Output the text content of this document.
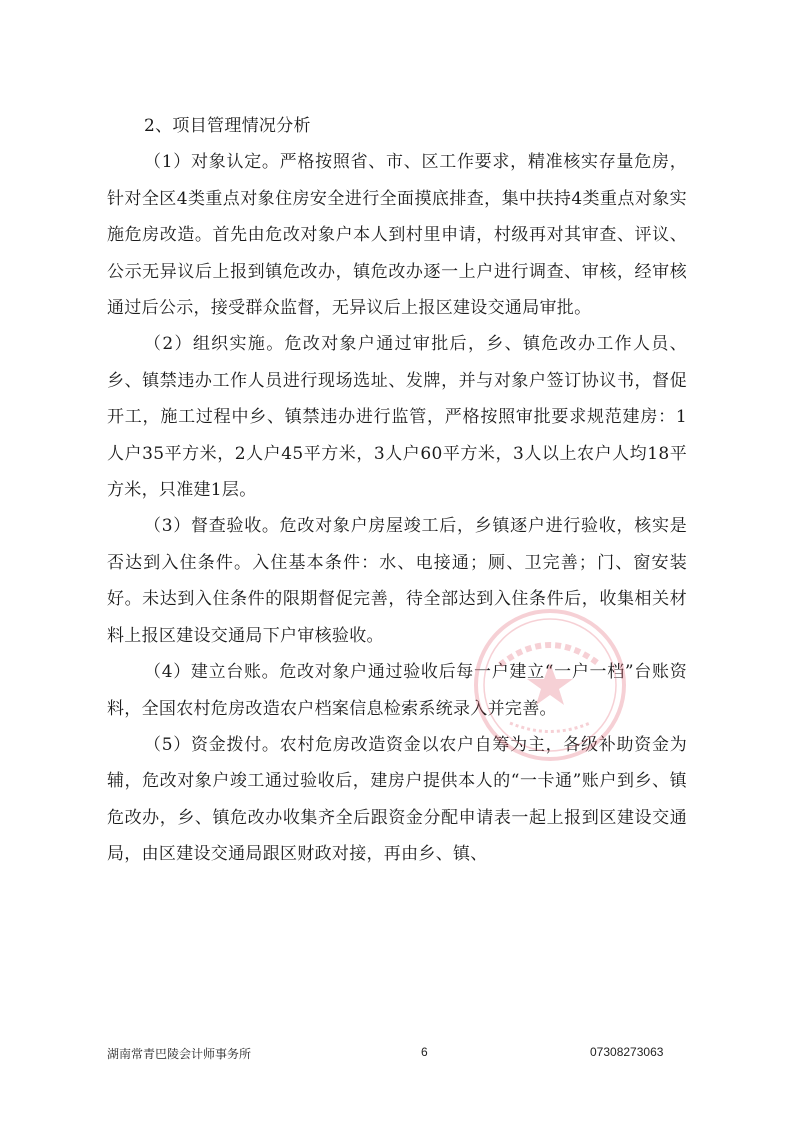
2、项目管理情况分析

（1）对象认定。严格按照省、市、区工作要求，精准核实存量危房，针对全区4类重点对象住房安全进行全面摸底排查，集中扶持4类重点对象实施危房改造。首先由危改对象户本人到村里申请，村级再对其审查、评议、公示无异议后上报到镇危改办，镇危改办逐一上户进行调查、审核，经审核通过后公示，接受群众监督，无异议后上报区建设交通局审批。

（2）组织实施。危改对象户通过审批后，乡、镇危改办工作人员、乡、镇禁违办工作人员进行现场选址、发牌，并与对象户签订协议书，督促开工，施工过程中乡、镇禁违办进行监管，严格按照审批要求规范建房：1人户35平方米，2人户45平方米，3人户60平方米，3人以上农户人均18平方米，只准建1层。

（3）督查验收。危改对象户房屋竣工后，乡镇逐户进行验收，核实是否达到入住条件。入住基本条件：水、电接通；厕、卫完善；门、窗安装好。未达到入住条件的限期督促完善，待全部达到入住条件后，收集相关材料上报区建设交通局下户审核验收。

（4）建立台账。危改对象户通过验收后每一户建立“一户一档”台账资料，全国农村危房改造农户档案信息检索系统录入并完善。

（5）资金拨付。农村危房改造资金以农户自筹为主，各级补助资金为辅，危改对象户竣工通过验收后，建房户提供本人的“一卡通”账户到乡、镇危改办，乡、镇危改办收集齐全后跟资金分配申请表一起上报到区建设交通局，由区建设交通局跟区财政对接，再由乡、镇、

湖南常青巴陵会计师事务所	6	07308273063
